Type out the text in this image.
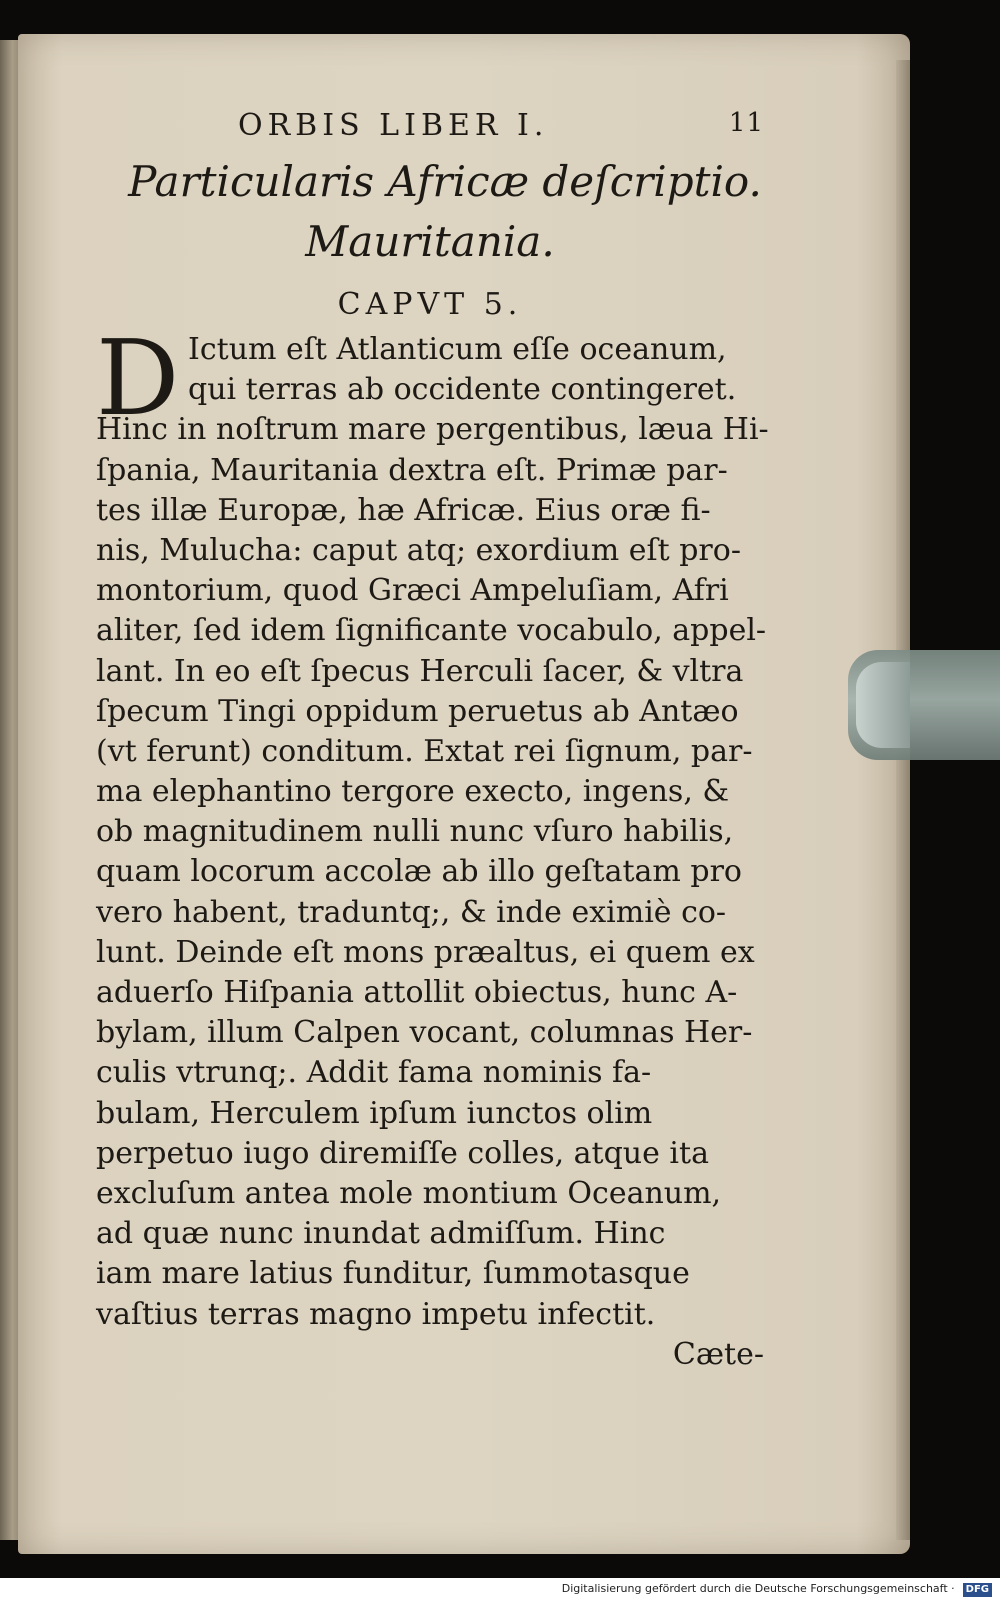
ORBIS LIBER I.	11
Particularis Africæ deſcriptio.
Mauritania.
CAPVT 5.
D Ictum eſt Atlanticum eſſe oceanum,
qui terras ab occidente contingeret.
Hinc in noſtrum mare pergentibus, læua Hi-
ſpania, Mauritania dextra eſt. Primæ par-
tes illæ Europæ, hæ Africæ. Eius oræ fi-
nis, Mulucha: caput atq; exordium eſt pro-
montorium, quod Græci Ampeluſiam, Afri
aliter, ſed idem ſignificante vocabulo, appel-
lant. In eo eſt ſpecus Herculi ſacer, & vltra
ſpecum Tingi oppidum peruetus ab Antæo
(vt ferunt) conditum. Extat rei ſignum, par-
ma elephantino tergore execto, ingens, &
ob magnitudinem nulli nunc vſuro habilis,
quam locorum accolæ ab illo geſtatam pro
vero habent, traduntq;, & inde eximiè co-
lunt. Deinde eſt mons præaltus, ei quem ex
aduerſo Hiſpania attollit obiectus, hunc A-
bylam, illum Calpen vocant, columnas Her-
culis vtrunq;. Addit fama nominis fa-
bulam, Herculem ipſum iunctos olim
perpetuo iugo diremiſſe colles, atque ita
excluſum antea mole montium Oceanum,
ad quæ nunc inundat admiſſum. Hinc
iam mare latius funditur, ſummotasque
vaſtius terras magno impetu infectit.
Cæte-
Digitalisierung gefördert durch die Deutsche Forschungsgemeinschaft · DFG
